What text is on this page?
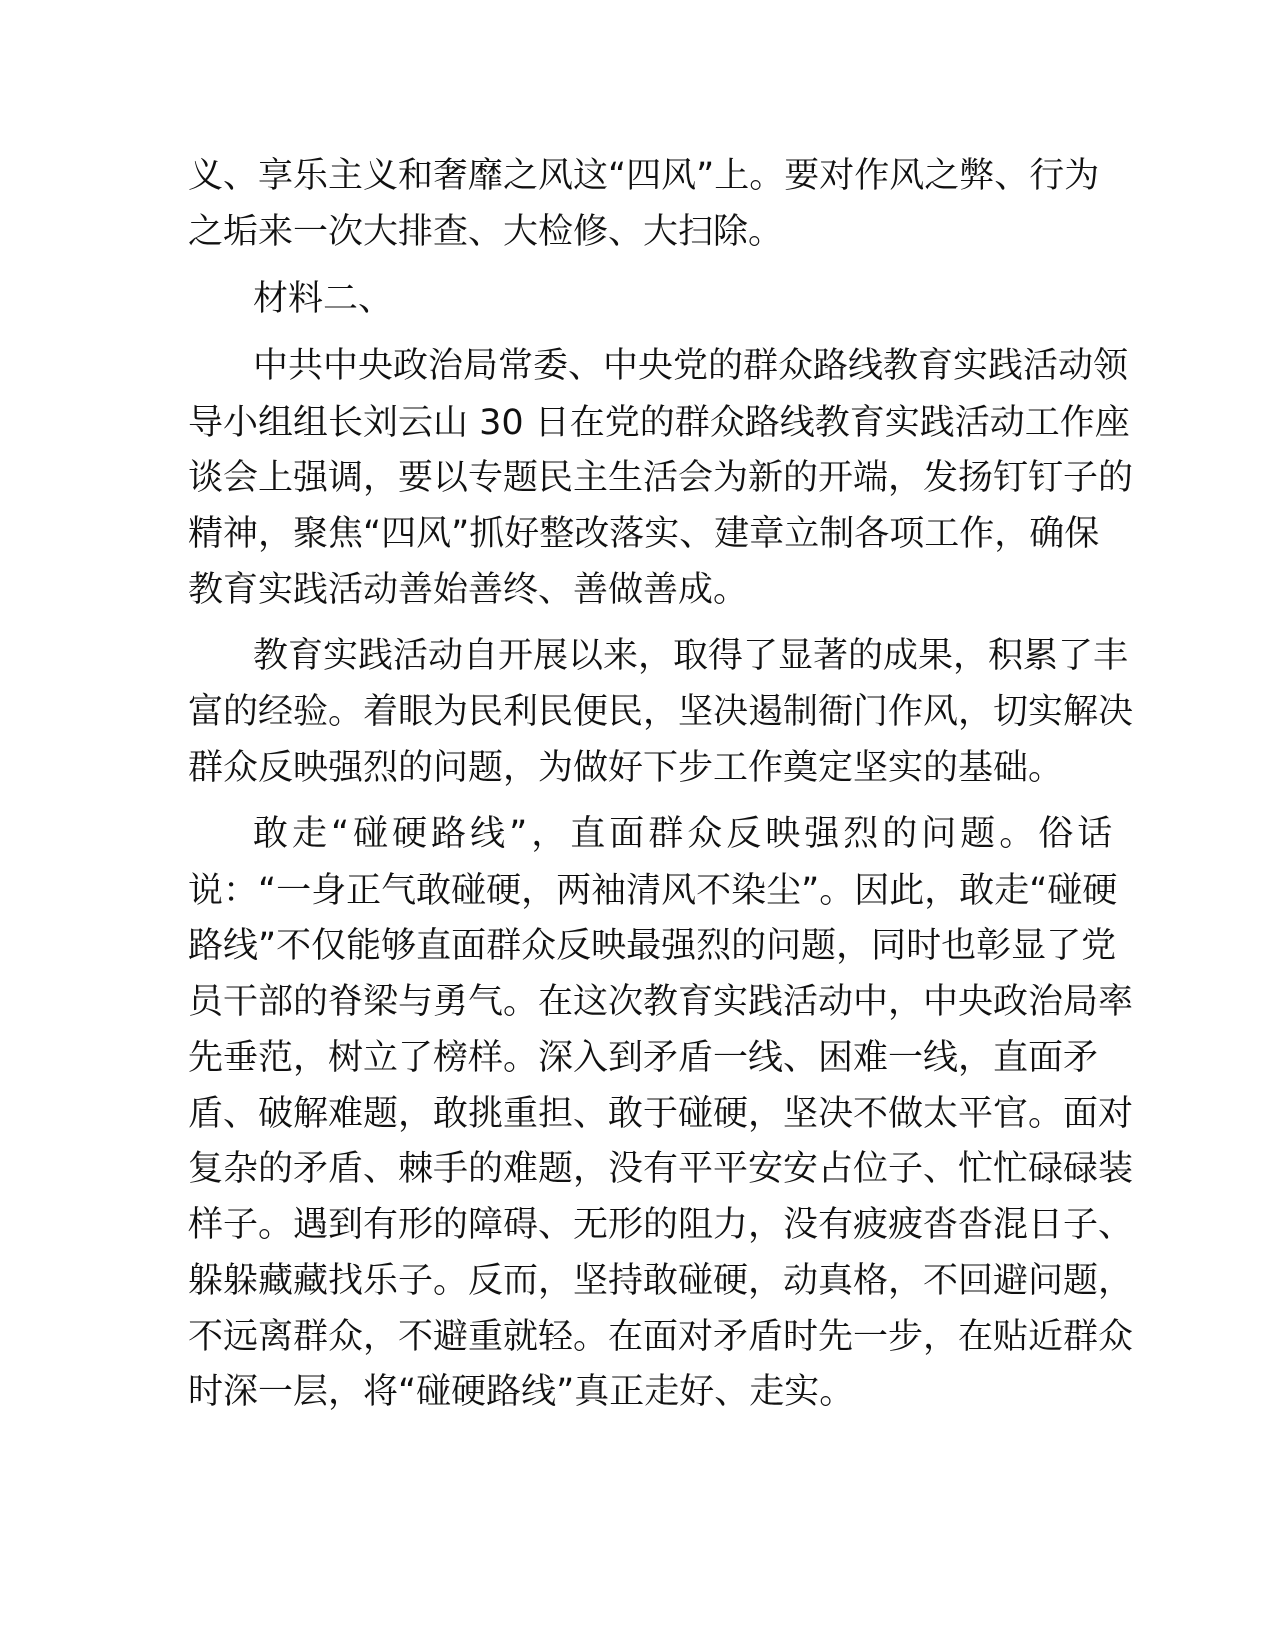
义、享乐主义和奢靡之风这“四风”上。要对作风之弊、行为
之垢来一次大排查、大检修、大扫除。
材料二、
中共中央政治局常委、中央党的群众路线教育实践活动领
导小组组长刘云山 30 日在党的群众路线教育实践活动工作座
谈会上强调，要以专题民主生活会为新的开端，发扬钉钉子的
精神，聚焦“四风”抓好整改落实、建章立制各项工作，确保
教育实践活动善始善终、善做善成。
教育实践活动自开展以来，取得了显著的成果，积累了丰
富的经验。着眼为民利民便民，坚决遏制衙门作风，切实解决
群众反映强烈的问题，为做好下步工作奠定坚实的基础。
敢走“碰硬路线”，直面群众反映强烈的问题。俗话
说：“一身正气敢碰硬，两袖清风不染尘”。因此，敢走“碰硬
路线”不仅能够直面群众反映最强烈的问题，同时也彰显了党
员干部的脊梁与勇气。在这次教育实践活动中，中央政治局率
先垂范，树立了榜样。深入到矛盾一线、困难一线，直面矛
盾、破解难题，敢挑重担、敢于碰硬，坚决不做太平官。面对
复杂的矛盾、棘手的难题，没有平平安安占位子、忙忙碌碌装
样子。遇到有形的障碍、无形的阻力，没有疲疲沓沓混日子、
躲躲藏藏找乐子。反而，坚持敢碰硬，动真格，不回避问题，
不远离群众，不避重就轻。在面对矛盾时先一步，在贴近群众
时深一层，将“碰硬路线”真正走好、走实。
